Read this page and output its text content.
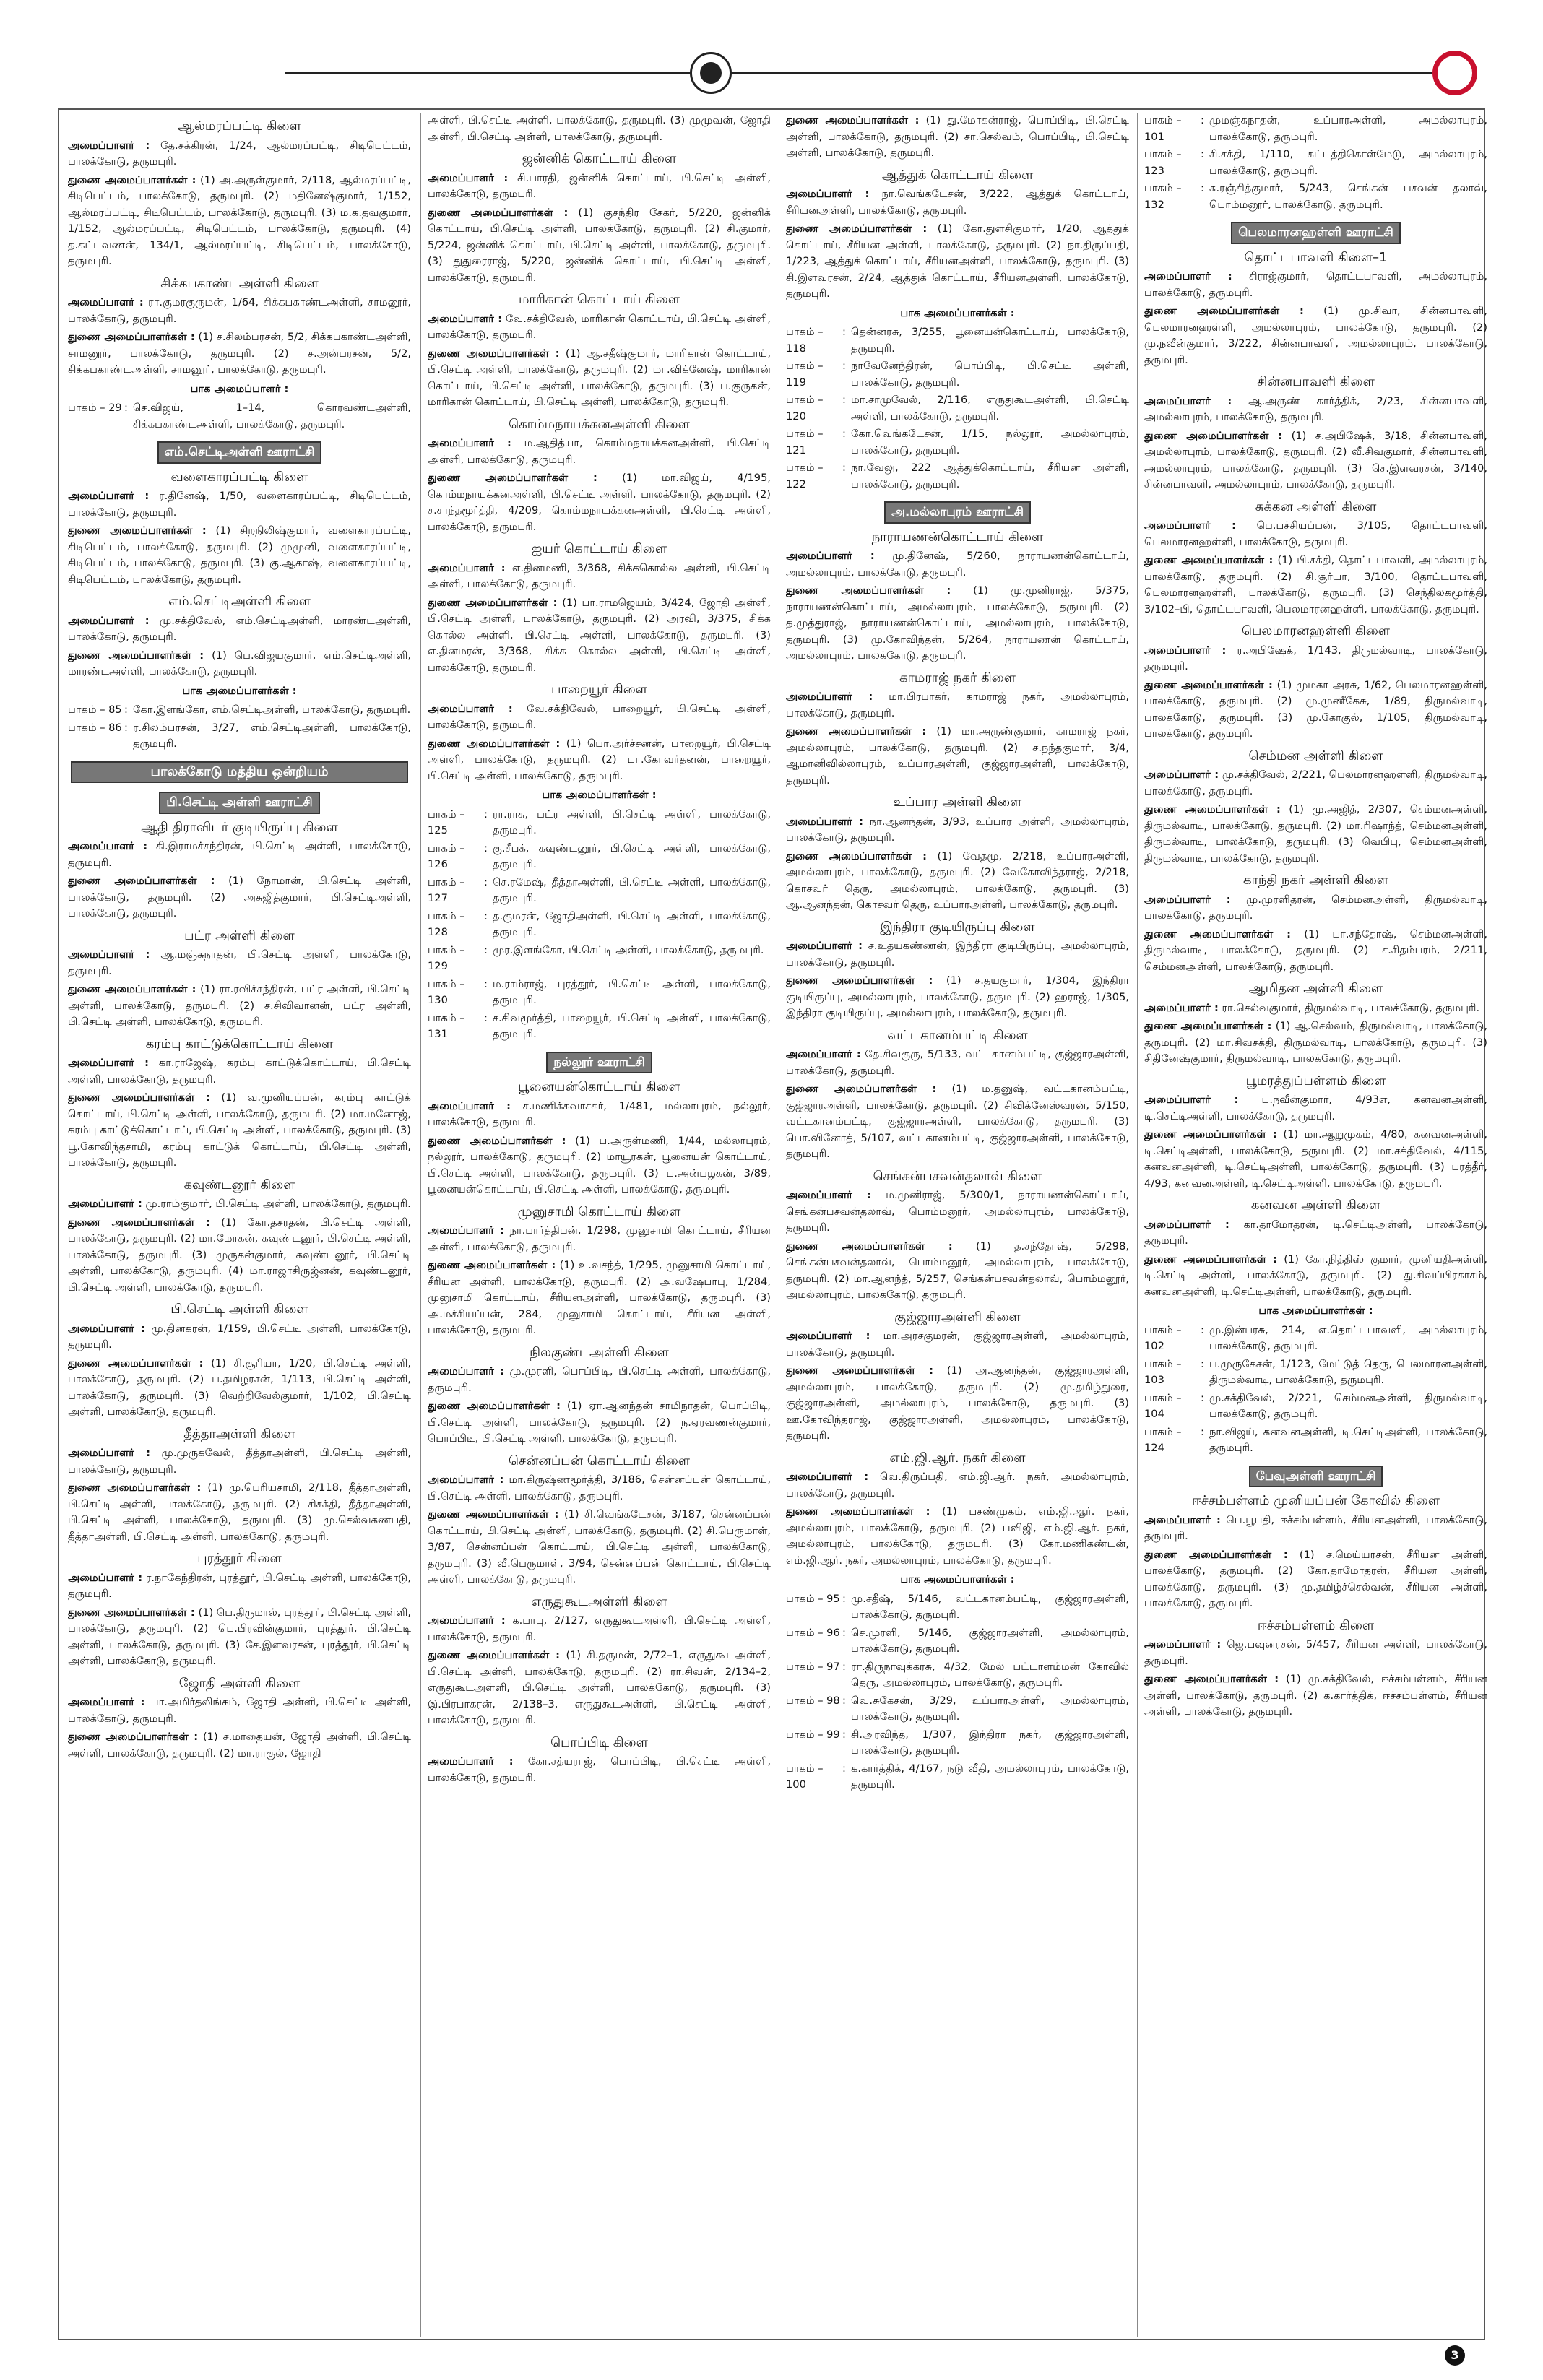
ஆல்மரப்பட்டி கிளை
அமைப்பாளர் : தே.சக்கிரன், 1/24, ஆல்மரப்பட்டி, சிடிபெட்டம், பாலக்கோடு, தருமபுரி.
துணை அமைப்பாளர்கள் : (1) அ.அருள்குமார், 2/118, ஆல்மரப்பட்டி, சிடிபெட்டம், பாலக்கோடு, தருமபுரி. (2) மதினேஷ்குமார், 1/152, ஆல்மரப்பட்டி, சிடிபெட்டம், பாலக்கோடு, தருமபுரி. (3) ம.க.தவகுமார், 1/152, ஆல்மரப்பட்டி, சிடிபெட்டம், பாலக்கோடு, தருமபுரி. (4) த.கட்டவணன், 134/1, ஆல்மரப்பட்டி, சிடிபெட்டம், பாலக்கோடு, தருமபுரி.
சிக்கபகாண்டஅள்ளி கிளை
அமைப்பாளர் : ரா.குமரகுருமன், 1/64, சிக்கபகாண்டஅள்ளி, சாமனூர், பாலக்கோடு, தருமபுரி.
துணை அமைப்பாளர்கள் : (1) ச.சிலம்பரசன், 5/2, சிக்கபகாண்டஅள்ளி, சாமனூர், பாலக்கோடு, தருமபுரி. (2) ச.அன்பரசன், 5/2, சிக்கபகாண்டஅள்ளி, சாமனூர், பாலக்கோடு, தருமபுரி.
பாக அமைப்பாளர் :
பாகம் – 29 : செ.விஜய், 1–14, கொரவண்டஅள்ளி, சிக்கபகாண்டஅள்ளி, பாலக்கோடு, தருமபுரி.
எம்.செட்டிஅள்ளி ஊராட்சி
வளைகாரப்பட்டி கிளை
அமைப்பாளர் : ர.தினேஷ், 1/50, வளைகாரப்பட்டி, சிடிபெட்டம், பாலக்கோடு, தருமபுரி.
துணை அமைப்பாளர்கள் : (1) சிறநிலிஷ்குமார், வளைகாரப்பட்டி, சிடிபெட்டம், பாலக்கோடு, தருமபுரி. (2) முமுனி, வளைகாரப்பட்டி, சிடிபெட்டம், பாலக்கோடு, தருமபுரி. (3) கு.ஆகாஷ், வளைகாரப்பட்டி, சிடிபெட்டம், பாலக்கோடு, தருமபுரி.
எம்.செட்டிஅள்ளி கிளை
அமைப்பாளர் : மு.சக்திவேல், எம்.செட்டிஅள்ளி, மாரண்டஅள்ளி, பாலக்கோடு, தருமபுரி.
துணை அமைப்பாளர்கள் : (1) பெ.விஜயகுமார், எம்.செட்டிஅள்ளி, மாரண்டஅள்ளி, பாலக்கோடு, தருமபுரி.
பாக அமைப்பாளர்கள் :
பாகம் – 85 : கோ.இளங்கோ, எம்.செட்டிஅள்ளி, பாலக்கோடு, தருமபுரி.
பாகம் – 86 : ர.சிலம்பரசன், 3/27, எம்.செட்டிஅள்ளி, பாலக்கோடு, தருமபுரி.
பாலக்கோடு மத்திய ஒன்றியம்
பி.செட்டி அள்ளி ஊராட்சி
ஆதி திராவிடர் குடியிருப்பு கிளை
அமைப்பாளர் : கி.இராமச்சந்திரன், பி.செட்டி அள்ளி, பாலக்கோடு, தருமபுரி.
துணை அமைப்பாளர்கள் : (1) நோமான், பி.செட்டி அள்ளி, பாலக்கோடு, தருமபுரி. (2) அசுஜித்குமார், பி.செட்டிஅள்ளி, பாலக்கோடு, தருமபுரி.
பட்ர அள்ளி கிளை
அமைப்பாளர் : ஆ.மஞ்சுநாதன், பி.செட்டி அள்ளி, பாலக்கோடு, தருமபுரி.
துணை அமைப்பாளர்கள் : (1) ரா.ரவிச்சந்திரன், பட்ர அள்ளி, பி.செட்டி அள்ளி, பாலக்கோடு, தருமபுரி. (2) ச.சிவிவானன், பட்ர அள்ளி, பி.செட்டி அள்ளி, பாலக்கோடு, தருமபுரி.
கரம்பு காட்டுக்கொட்டாய் கிளை
அமைப்பாளர் : கா.ராஜேஷ், கரம்பு காட்டுக்கொட்டாய், பி.செட்டி அள்ளி, பாலக்கோடு, தருமபுரி.
துணை அமைப்பாளர்கள் : (1) வ.முனியப்பன், கரம்பு காட்டுக் கொட்டாய், பி.செட்டி அள்ளி, பாலக்கோடு, தருமபுரி. (2) மா.மனோஜ், கரம்பு காட்டுக்கொட்டாய், பி.செட்டி அள்ளி, பாலக்கோடு, தருமபுரி. (3) பூ.கோவிந்தசாமி, கரம்பு காட்டுக் கொட்டாய், பி.செட்டி அள்ளி, பாலக்கோடு, தருமபுரி.
கவுண்டனூர் கிளை
அமைப்பாளர் : மு.ராம்குமார், பி.செட்டி அள்ளி, பாலக்கோடு, தருமபுரி.
துணை அமைப்பாளர்கள் : (1) கோ.தசரதன், பி.செட்டி அள்ளி, பாலக்கோடு, தருமபுரி. (2) மா.மோகன், கவுண்டனூர், பி.செட்டி அள்ளி, பாலக்கோடு, தருமபுரி. (3) முருகன்குமார், கவுண்டனூர், பி.செட்டி அள்ளி, பாலக்கோடு, தருமபுரி. (4) மா.ராஜாசிருஜ்னன், கவுண்டனூர், பி.செட்டி அள்ளி, பாலக்கோடு, தருமபுரி.
பி.செட்டி அள்ளி கிளை
அமைப்பாளர் : மு.தினகரன், 1/159, பி.செட்டி அள்ளி, பாலக்கோடு, தருமபுரி.
துணை அமைப்பாளர்கள் : (1) சி.சூரியா, 1/20, பி.செட்டி அள்ளி, பாலக்கோடு, தருமபுரி. (2) ப.தமிழரசன், 1/113, பி.செட்டி அள்ளி, பாலக்கோடு, தருமபுரி. (3) வெற்றிவேல்குமார், 1/102, பி.செட்டி அள்ளி, பாலக்கோடு, தருமபுரி.
தீத்தாஅள்ளி கிளை
அமைப்பாளர் : மு.முருகவேல், தீத்தாஅள்ளி, பி.செட்டி அள்ளி, பாலக்கோடு, தருமபுரி.
துணை அமைப்பாளர்கள் : (1) மு.பெரியசாமி, 2/118, தீத்தாஅள்ளி, பி.செட்டி அள்ளி, பாலக்கோடு, தருமபுரி. (2) சிசக்தி, தீத்தாஅள்ளி, பி.செட்டி அள்ளி, பாலக்கோடு, தருமபுரி. (3) மு.செல்வகணபதி, தீத்தாஅள்ளி, பி.செட்டி அள்ளி, பாலக்கோடு, தருமபுரி.
புரத்தூர் கிளை
அமைப்பாளர் : ர.நாகேந்திரன், புரத்தூர், பி.செட்டி அள்ளி, பாலக்கோடு, தருமபுரி.
துணை அமைப்பாளர்கள் : (1) பெ.திருமால், புரத்தூர், பி.செட்டி அள்ளி, பாலக்கோடு, தருமபுரி. (2) பெ.பிரவின்குமார், புரத்தூர், பி.செட்டி அள்ளி, பாலக்கோடு, தருமபுரி. (3) சே.இளவரசன், புரத்தூர், பி.செட்டி அள்ளி, பாலக்கோடு, தருமபுரி.
ஜோதி அள்ளி கிளை
அமைப்பாளர் : பா.அமிர்தலிங்கம், ஜோதி அள்ளி, பி.செட்டி அள்ளி, பாலக்கோடு, தருமபுரி.
துணை அமைப்பாளர்கள் : (1) ச.மாதையன், ஜோதி அள்ளி, பி.செட்டி அள்ளி, பாலக்கோடு, தருமபுரி. (2) மா.ராகுல், ஜோதி
அள்ளி, பி.செட்டி அள்ளி, பாலக்கோடு, தருமபுரி. (3) முமுவன், ஜோதி அள்ளி, பி.செட்டி அள்ளி, பாலக்கோடு, தருமபுரி.
ஜன்னிக் கொட்டாய் கிளை
அமைப்பாளர் : சி.பாரதி, ஜன்னிக் கொட்டாய், பி.செட்டி அள்ளி, பாலக்கோடு, தருமபுரி.
துணை அமைப்பாளர்கள் : (1) குசந்திர சேகர், 5/220, ஜன்னிக் கொட்டாய், பி.செட்டி அள்ளி, பாலக்கோடு, தருமபுரி. (2) சி.குமார், 5/224, ஜன்னிக் கொட்டாய், பி.செட்டி அள்ளி, பாலக்கோடு, தருமபுரி. (3) துதுரைராஜ், 5/220, ஜன்னிக் கொட்டாய், பி.செட்டி அள்ளி, பாலக்கோடு, தருமபுரி.
மாரிகான் கொட்டாய் கிளை
அமைப்பாளர் : வே.சக்திவேல், மாரிகான் கொட்டாய், பி.செட்டி அள்ளி, பாலக்கோடு, தருமபுரி.
துணை அமைப்பாளர்கள் : (1) ஆ.சதீஷ்குமார், மாரிகான் கொட்டாய், பி.செட்டி அள்ளி, பாலக்கோடு, தருமபுரி. (2) மா.விக்னேஷ், மாரிகான் கொட்டாய், பி.செட்டி அள்ளி, பாலக்கோடு, தருமபுரி. (3) ப.குருகன், மாரிகான் கொட்டாய், பி.செட்டி அள்ளி, பாலக்கோடு, தருமபுரி.
கொம்மநாயக்கனஅள்ளி கிளை
அமைப்பாளர் : ம.ஆதித்யா, கொம்மநாயக்கனஅள்ளி, பி.செட்டி அள்ளி, பாலக்கோடு, தருமபுரி.
துணை அமைப்பாளர்கள் : (1) மா.விஜய், 4/195, கொம்மநாயக்கனஅள்ளி, பி.செட்டி அள்ளி, பாலக்கோடு, தருமபுரி. (2) ச.சாந்தமூர்த்தி, 4/209, கொம்மநாயக்கனஅள்ளி, பி.செட்டி அள்ளி, பாலக்கோடு, தருமபுரி.
ஐயர் கொட்டாய் கிளை
அமைப்பாளர் : எ.தினமணி, 3/368, சிக்ககொல்ல அள்ளி, பி.செட்டி அள்ளி, பாலக்கோடு, தருமபுரி.
துணை அமைப்பாளர்கள் : (1) பா.ராமஜெயம், 3/424, ஜோதி அள்ளி, பி.செட்டி அள்ளி, பாலக்கோடு, தருமபுரி. (2) அரவி, 3/375, சிக்க கொல்ல அள்ளி, பி.செட்டி அள்ளி, பாலக்கோடு, தருமபுரி. (3) எ.தினமரன், 3/368, சிக்க கொல்ல அள்ளி, பி.செட்டி அள்ளி, பாலக்கோடு, தருமபுரி.
பாறையூர் கிளை
அமைப்பாளர் : வே.சக்திவேல், பாறையூர், பி.செட்டி அள்ளி, பாலக்கோடு, தருமபுரி.
துணை அமைப்பாளர்கள் : (1) பொ.அர்ச்சனன், பாறையூர், பி.செட்டி அள்ளி, பாலக்கோடு, தருமபுரி. (2) பா.கோவர்தனன், பாறையூர், பி.செட்டி அள்ளி, பாலக்கோடு, தருமபுரி.
பாக அமைப்பாளர்கள் :
பாகம் – 125
: ரா.ராசு, பட்ர அள்ளி, பி.செட்டி அள்ளி, பாலக்கோடு, தருமபுரி.
பாகம் – 126
: கு.சீபக், கவுண்டனூர், பி.செட்டி அள்ளி, பாலக்கோடு, தருமபுரி.
பாகம் – 127
: செ.ரமேஷ், தீத்தாஅள்ளி, பி.செட்டி அள்ளி, பாலக்கோடு, தருமபுரி.
பாகம் – 128
: த.குமரன், ஜோதிஅள்ளி, பி.செட்டி அள்ளி, பாலக்கோடு, தருமபுரி.
பாகம் – 129
: முர.இளங்கோ, பி.செட்டி அள்ளி, பாலக்கோடு, தருமபுரி.
பாகம் – 130
: ம.ராம்ராஜ், புரத்தூர், பி.செட்டி அள்ளி, பாலக்கோடு, தருமபுரி.
பாகம் – 131
: ச.சிவமூர்த்தி, பாறையூர், பி.செட்டி அள்ளி, பாலக்கோடு, தருமபுரி.
நல்லூர் ஊராட்சி
பூனையன்கொட்டாய் கிளை
அமைப்பாளர் : ச.மணிக்கவாசகர், 1/481, மல்லாபுரம், நல்லூர், பாலக்கோடு, தருமபுரி.
துணை அமைப்பாளர்கள் : (1) ப.அருள்மணி, 1/44, மல்லாபுரம், நல்லூர், பாலக்கோடு, தருமபுரி. (2) மாயூரகன், பூனையன் கொட்டாய், பி.செட்டி அள்ளி, பாலக்கோடு, தருமபுரி. (3) ப.அன்பழகன், 3/89, பூனையன்கொட்டாய், பி.செட்டி அள்ளி, பாலக்கோடு, தருமபுரி.
முனுசாமி கொட்டாய் கிளை
அமைப்பாளர் : நா.பார்த்திபன், 1/298, முனுசாமி கொட்டாய், சீரியன அள்ளி, பாலக்கோடு, தருமபுரி.
துணை அமைப்பாளர்கள் : (1) உ.வசந்த், 1/295, முனுசாமி கொட்டாய், சீரியன அள்ளி, பாலக்கோடு, தருமபுரி. (2) அ.வஷேபாபு, 1/284, முனுசாமி கொட்டாய், சீரியனஅள்ளி, பாலக்கோடு, தருமபுரி. (3) அ.மச்சியப்பன், 284, முனுசாமி கொட்டாய், சீரியன அள்ளி, பாலக்கோடு, தருமபுரி.
நிலகுண்டஅள்ளி கிளை
அமைப்பாளர் : மு.முரளி, பொப்பிடி, பி.செட்டி அள்ளி, பாலக்கோடு, தருமபுரி.
துணை அமைப்பாளர்கள் : (1) ஏா.ஆனந்தன் சாமிநாதன், பொப்பிடி, பி.செட்டி அள்ளி, பாலக்கோடு, தருமபுரி. (2) ந.ஏரவணன்குமார், பொப்பிடி, பி.செட்டி அள்ளி, பாலக்கோடு, தருமபுரி.
சென்னப்பன் கொட்டாய் கிளை
அமைப்பாளர் : மா.கிருஷ்ணமூர்த்தி, 3/186, சென்னப்பன் கொட்டாய், பி.செட்டி அள்ளி, பாலக்கோடு, தருமபுரி.
துணை அமைப்பாளர்கள் : (1) சி.வெங்கடேசன், 3/187, சென்னப்பன் கொட்டாய், பி.செட்டி அள்ளி, பாலக்கோடு, தருமபுரி. (2) சி.பெருமாள், 3/87, சென்னப்பன் கொட்டாய், பி.செட்டி அள்ளி, பாலக்கோடு, தருமபுரி. (3) வீ.பெருமாள், 3/94, சென்னப்பன் கொட்டாய், பி.செட்டி அள்ளி, பாலக்கோடு, தருமபுரி.
எருதுகூடஅள்ளி கிளை
அமைப்பாளர் : க.பாபு, 2/127, எருதுகூடஅள்ளி, பி.செட்டி அள்ளி, பாலக்கோடு, தருமபுரி.
துணை அமைப்பாளர்கள் : (1) சி.தருமன், 2/72–1, எருதுகூடஅள்ளி, பி.செட்டி அள்ளி, பாலக்கோடு, தருமபுரி. (2) ரா.சிவன், 2/134–2, எருதுகூடஅள்ளி, பி.செட்டி அள்ளி, பாலக்கோடு, தருமபுரி. (3) இ.பிரபாகரன், 2/138–3, எருதுகூடஅள்ளி, பி.செட்டி அள்ளி, பாலக்கோடு, தருமபுரி.
பொப்பிடி கிளை
அமைப்பாளர் : கோ.சத்யராஜ், பொப்பிடி, பி.செட்டி அள்ளி, பாலக்கோடு, தருமபுரி.
துணை அமைப்பாளர்கள் : (1) து.மோகன்ராஜ், பொப்பிடி, பி.செட்டி அள்ளி, பாலக்கோடு, தருமபுரி. (2) சா.செல்வம், பொப்பிடி, பி.செட்டி அள்ளி, பாலக்கோடு, தருமபுரி.
ஆத்துக் கொட்டாய் கிளை
அமைப்பாளர் : நா.வெங்கடேசன், 3/222, ஆத்துக் கொட்டாய், சீரியனஅள்ளி, பாலக்கோடு, தருமபுரி.
துணை அமைப்பாளர்கள் : (1) கோ.துளசிகுமார், 1/20, ஆத்துக் கொட்டாய், சீரியன அள்ளி, பாலக்கோடு, தருமபுரி. (2) நா.திருப்பதி, 1/223, ஆத்துக் கொட்டாய், சீரியனஅள்ளி, பாலக்கோடு, தருமபுரி. (3) சி.இளவரசன், 2/24, ஆத்துக் கொட்டாய், சீரியனஅள்ளி, பாலக்கோடு, தருமபுரி.
பாக அமைப்பாளர்கள் :
பாகம் – 118
: தென்னரசு, 3/255, பூனையன்கொட்டாய், பாலக்கோடு, தருமபுரி.
பாகம் – 119
: நாவேனேந்திரன், பொப்பிடி, பி.செட்டி அள்ளி, பாலக்கோடு, தருமபுரி.
பாகம் – 120
: மா.சாமுவேல், 2/116, எருதுகூடஅள்ளி, பி.செட்டி அள்ளி, பாலக்கோடு, தருமபுரி.
பாகம் – 121
: கோ.வெங்கடேசன், 1/15, நல்லூர், அமல்லாபுரம், பாலக்கோடு, தருமபுரி.
பாகம் – 122
: நா.வேலு, 222 ஆத்துக்கொட்டாய், சீரியன அள்ளி, பாலக்கோடு, தருமபுரி.
அ.மல்லாபுரம் ஊராட்சி
நாராயணன்கொட்டாய் கிளை
அமைப்பாளர் : மு.தினேஷ், 5/260, நாராயணன்கொட்டாய், அமல்லாபுரம், பாலக்கோடு, தருமபுரி.
துணை அமைப்பாளர்கள் : (1) மு.முனிராஜ், 5/375, நாராயணன்கொட்டாய், அமல்லாபுரம், பாலக்கோடு, தருமபுரி. (2) த.முத்துராஜ், நாராயணன்கொட்டாய், அமல்லாபுரம், பாலக்கோடு, தருமபுரி. (3) மு.கோவிந்தன், 5/264, நாராயணன் கொட்டாய், அமல்லாபுரம், பாலக்கோடு, தருமபுரி.
காமராஜ் நகர் கிளை
அமைப்பாளர் : மா.பிரபாகர், காமராஜ் நகர், அமல்லாபுரம், பாலக்கோடு, தருமபுரி.
துணை அமைப்பாளர்கள் : (1) மா.அருண்குமார், காமராஜ் நகர், அமல்லாபுரம், பாலக்கோடு, தருமபுரி. (2) ச.நந்தகுமார், 3/4, ஆமானிவில்லாபுரம், உப்பாரஅள்ளி, குஜ்ஜாரஅள்ளி, பாலக்கோடு, தருமபுரி.
உப்பார அள்ளி கிளை
அமைப்பாளர் : நா.ஆனந்தன், 3/93, உப்பார அள்ளி, அமல்லாபுரம், பாலக்கோடு, தருமபுரி.
துணை அமைப்பாளர்கள் : (1) வேதமூ, 2/218, உப்பாரஅள்ளி, அமல்லாபுரம், பாலக்கோடு, தருமபுரி. (2) வேகோவிந்தராஜ், 2/218, கொசவர் தெரு, அமல்லாபுரம், பாலக்கோடு, தருமபுரி. (3) ஆ.ஆனந்தன், கொசவர் தெரு, உப்பாரஅள்ளி, பாலக்கோடு, தருமபுரி.
இந்திரா குடியிருப்பு கிளை
அமைப்பாளர் : ச.உதயகண்ணன், இந்திரா குடியிருப்பு, அமல்லாபுரம், பாலக்கோடு, தருமபுரி.
துணை அமைப்பாளர்கள் : (1) ச.தயகுமார், 1/304, இந்திரா குடியிருப்பு, அமல்லாபுரம், பாலக்கோடு, தருமபுரி. (2) ஹராஜ், 1/305, இந்திரா குடியிருப்பு, அமல்லாபுரம், பாலக்கோடு, தருமபுரி.
வட்டகானம்பட்டி கிளை
அமைப்பாளர் : தே.சிவகுரு, 5/133, வட்டகானம்பட்டி, குஜ்ஜாரஅள்ளி, பாலக்கோடு, தருமபுரி.
துணை அமைப்பாளர்கள் : (1) ம.தனுஷ், வட்டகானம்பட்டி, குஜ்ஜாரஅள்ளி, பாலக்கோடு, தருமபுரி. (2) சிவிக்னேஸ்வரன், 5/150, வட்டகானம்பட்டி, குஜ்ஜாரஅள்ளி, பாலக்கோடு, தருமபுரி. (3) பொ.வினோத், 5/107, வட்டகானம்பட்டி, குஜ்ஜாரஅள்ளி, பாலக்கோடு, தருமபுரி.
செங்கன்பசவன்தலாவ் கிளை
அமைப்பாளர் : ம.முனிராஜ், 5/300/1, நாராயணன்கொட்டாய், செங்கன்பசவன்தலாவ், பொம்மனூர், அமல்லாபுரம், பாலக்கோடு, தருமபுரி.
துணை அமைப்பாளர்கள் : (1) த.சந்தோஷ், 5/298, செங்கன்பசவன்தலாவ், பொம்மனூர், அமல்லாபுரம், பாலக்கோடு, தருமபுரி. (2) மா.ஆனந்த், 5/257, செங்கன்பசவன்தலாவ், பொம்மனூர், அமல்லாபுரம், பாலக்கோடு, தருமபுரி.
குஜ்ஜாரஅள்ளி கிளை
அமைப்பாளர் : மா.அரசகுமரன், குஜ்ஜாரஅள்ளி, அமல்லாபுரம், பாலக்கோடு, தருமபுரி.
துணை அமைப்பாளர்கள் : (1) அ.ஆனந்தன், குஜ்ஜாரஅள்ளி, அமல்லாபுரம், பாலக்கோடு, தருமபுரி. (2) மு.தமிழ்துரை, குஜ்ஜாரஅள்ளி, அமல்லாபுரம், பாலக்கோடு, தருமபுரி. (3) ஊ.கோவிந்தராஜ், குஜ்ஜாரஅள்ளி, அமல்லாபுரம், பாலக்கோடு, தருமபுரி.
எம்.ஜி.ஆர். நகர் கிளை
அமைப்பாளர் : வெ.திருப்பதி, எம்.ஜி.ஆர். நகர், அமல்லாபுரம், பாலக்கோடு, தருமபுரி.
துணை அமைப்பாளர்கள் : (1) பசண்முகம், எம்.ஜி.ஆர். நகர், அமல்லாபுரம், பாலக்கோடு, தருமபுரி. (2) பவிஜி, எம்.ஜி.ஆர். நகர், அமல்லாபுரம், பாலக்கோடு, தருமபுரி. (3) கோ.மணிகண்டன், எம்.ஜி.ஆர். நகர், அமல்லாபுரம், பாலக்கோடு, தருமபுரி.
பாக அமைப்பாளர்கள் :
பாகம் – 95 : மு.சதீஷ், 5/146, வட்டகானம்பட்டி, குஜ்ஜாரஅள்ளி, பாலக்கோடு, தருமபுரி.
பாகம் – 96 : செ.முரளி, 5/146, குஜ்ஜாரஅள்ளி, அமல்லாபுரம், பாலக்கோடு, தருமபுரி.
பாகம் – 97 : ரா.திருநாவுக்கரசு, 4/32, மேல் பட்டாளம்மன் கோவில் தெரு, அமல்லாபுரம், பாலக்கோடு, தருமபுரி.
பாகம் – 98 : வெ.சுகேசன், 3/29, உப்பாரஅள்ளி, அமல்லாபுரம், பாலக்கோடு, தருமபுரி.
பாகம் – 99 : சி.அரவிந்த், 1/307, இந்திரா நகர், குஜ்ஜாரஅள்ளி, பாலக்கோடு, தருமபுரி.
பாகம் – 100
: க.கார்த்திக், 4/167, நடு வீதி, அமல்லாபுரம், பாலக்கோடு, தருமபுரி.
பாகம் – 101
: முமஞ்சுநாதன், உப்பாரஅள்ளி, அமல்லாபுரம், பாலக்கோடு, தருமபுரி.
பாகம் – 123
: சி.சக்தி, 1/110, கட்டத்திகொள்மேடு, அமல்லாபுரம், பாலக்கோடு, தருமபுரி.
பாகம் – 132
: சு.ரஞ்சித்குமார், 5/243, செங்கன் பசவன் தலாவ், பொம்மனூர், பாலக்கோடு, தருமபுரி.
பெலமாரனஹள்ளி ஊராட்சி
தொட்டபாவளி கிளை–1
அமைப்பாளர் : சிராஜ்குமார், தொட்டபாவளி, அமல்லாபுரம், பாலக்கோடு, தருமபுரி.
துணை அமைப்பாளர்கள் : (1) மு.சிவா, சின்னபாவளி, பெலமாரனஹள்ளி, அமல்லாபுரம், பாலக்கோடு, தருமபுரி. (2) மு.நவீன்குமார், 3/222, சின்னபாவளி, அமல்லாபுரம், பாலக்கோடு, தருமபுரி.
சின்னபாவளி கிளை
அமைப்பாளர் : ஆ.அருண் கார்த்திக், 2/23, சின்னபாவளி, அமல்லாபுரம், பாலக்கோடு, தருமபுரி.
துணை அமைப்பாளர்கள் : (1) ச.அபிஷேக், 3/18, சின்னபாவளி, அமல்லாபுரம், பாலக்கோடு, தருமபுரி. (2) வீ.சிவகுமார், சின்னபாவளி, அமல்லாபுரம், பாலக்கோடு, தருமபுரி. (3) செ.இளவரசன், 3/140, சின்னபாவளி, அமல்லாபுரம், பாலக்கோடு, தருமபுரி.
சுக்கன அள்ளி கிளை
அமைப்பாளர் : பெ.பச்சியப்பன், 3/105, தொட்டபாவளி, பெலமாரனஹள்ளி, பாலக்கோடு, தருமபுரி.
துணை அமைப்பாளர்கள் : (1) பி.சக்தி, தொட்டபாவளி, அமல்லாபுரம், பாலக்கோடு, தருமபுரி. (2) சி.சூர்யா, 3/100, தொட்டபாவளி, பெலமாரனஹள்ளி, பாலக்கோடு, தருமபுரி. (3) செந்திலகமூர்த்தி, 3/102–பி, தொட்டபாவளி, பெலமாரனஹள்ளி, பாலக்கோடு, தருமபுரி.
பெலமாரனஹள்ளி கிளை
அமைப்பாளர் : ர.அபிஷேக், 1/143, திருமல்வாடி, பாலக்கோடு, தருமபுரி.
துணை அமைப்பாளர்கள் : (1) முமகா அரசு, 1/62, பெலமாரனஹள்ளி, பாலக்கோடு, தருமபுரி. (2) மு.முணீகேசு, 1/89, திருமல்வாடி, பாலக்கோடு, தருமபுரி. (3) மு.கோகுல், 1/105, திருமல்வாடி, பாலக்கோடு, தருமபுரி.
செம்மன அள்ளி கிளை
அமைப்பாளர் : மு.சக்திவேல், 2/221, பெலமாரனஹள்ளி, திருமல்வாடி, பாலக்கோடு, தருமபுரி.
துணை அமைப்பாளர்கள் : (1) மு.அஜித், 2/307, செம்மனஅள்ளி, திருமல்வாடி, பாலக்கோடு, தருமபுரி. (2) மா.ரிஷாந்த், செம்மனஅள்ளி, திருமல்வாடி, பாலக்கோடு, தருமபுரி. (3) வெபிபு, செம்மனஅள்ளி, திருமல்வாடி, பாலக்கோடு, தருமபுரி.
காந்தி நகர் அள்ளி கிளை
அமைப்பாளர் : மு.முரளிதரன், செம்மனஅள்ளி, திருமல்வாடி, பாலக்கோடு, தருமபுரி.
துணை அமைப்பாளர்கள் : (1) பா.சந்தோஷ், செம்மனஅள்ளி, திருமல்வாடி, பாலக்கோடு, தருமபுரி. (2) ச.சிதம்பரம், 2/211, செம்மனஅள்ளி, பாலக்கோடு, தருமபுரி.
ஆமிதன அள்ளி கிளை
அமைப்பாளர் : ரா.செல்வகுமார், திருமல்வாடி, பாலக்கோடு, தருமபுரி.
துணை அமைப்பாளர்கள் : (1) ஆ.செல்வம், திருமல்வாடி, பாலக்கோடு, தருமபுரி. (2) மா.சிவசக்தி, திருமல்வாடி, பாலக்கோடு, தருமபுரி. (3) சிதினேஷ்குமார், திருமல்வாடி, பாலக்கோடு, தருமபுரி.
பூமரத்துப்பள்ளம் கிளை
அமைப்பாளர் : ப.நவீன்குமார், 4/93எ, கனவனஅள்ளி, டி.செட்டிஅள்ளி, பாலக்கோடு, தருமபுரி.
துணை அமைப்பாளர்கள் : (1) மா.ஆறுமுகம், 4/80, கனவனஅள்ளி, டி.செட்டிஅள்ளி, பாலக்கோடு, தருமபுரி. (2) மா.சக்திவேல், 4/115, கனவனஅள்ளி, டி.செட்டிஅள்ளி, பாலக்கோடு, தருமபுரி. (3) பரத்தீர், 4/93, கனவனஅள்ளி, டி.செட்டிஅள்ளி, பாலக்கோடு, தருமபுரி.
கனவன அள்ளி கிளை
அமைப்பாளர் : கா.தாமோதரன், டி.செட்டிஅள்ளி, பாலக்கோடு, தருமபுரி.
துணை அமைப்பாளர்கள் : (1) கோ.நித்திஸ் குமார், முனியதிஅள்ளி, டி.செட்டி அள்ளி, பாலக்கோடு, தருமபுரி. (2) து.சிவப்பிரகாசம், கனவனஅள்ளி, டி.செட்டிஅள்ளி, பாலக்கோடு, தருமபுரி.
பாக அமைப்பாளர்கள் :
பாகம் – 102
: மு.இன்பரசு, 214, எ.தொட்டபாவளி, அமல்லாபுரம், பாலக்கோடு, தருமபுரி.
பாகம் – 103
: ப.முருகேசன், 1/123, மேட்டுத் தெரு, பெலமாரனஅள்ளி, திருமல்வாடி, பாலக்கோடு, தருமபுரி.
பாகம் – 104
: மு.சக்திவேல், 2/221, செம்மனஅள்ளி, திருமல்வாடி, பாலக்கோடு, தருமபுரி.
பாகம் – 124
: நா.விஜய், கனவனஅள்ளி, டி.செட்டிஅள்ளி, பாலக்கோடு, தருமபுரி.
பேவுஅள்ளி ஊராட்சி
ஈச்சம்பள்ளம் முனியப்பன் கோவில் கிளை
அமைப்பாளர் : பெ.பூபதி, ஈச்சம்பள்ளம், சீரியனஅள்ளி, பாலக்கோடு, தருமபுரி.
துணை அமைப்பாளர்கள் : (1) ச.மெய்யரசன், சீரியன அள்ளி, பாலக்கோடு, தருமபுரி. (2) கோ.தாமோதரன், சீரியன அள்ளி, பாலக்கோடு, தருமபுரி. (3) மு.தமிழ்ச்செல்வன், சீரியன அள்ளி, பாலக்கோடு, தருமபுரி.
ஈச்சம்பள்ளம் கிளை
அமைப்பாளர் : ஜெ.பவுனரசன், 5/457, சீரியன அள்ளி, பாலக்கோடு, தருமபுரி.
துணை அமைப்பாளர்கள் : (1) மு.சக்திவேல், ஈச்சம்பள்ளம், சீரியன அள்ளி, பாலக்கோடு, தருமபுரி. (2) க.கார்த்திக், ஈச்சம்பள்ளம், சீரியன அள்ளி, பாலக்கோடு, தருமபுரி.
3
